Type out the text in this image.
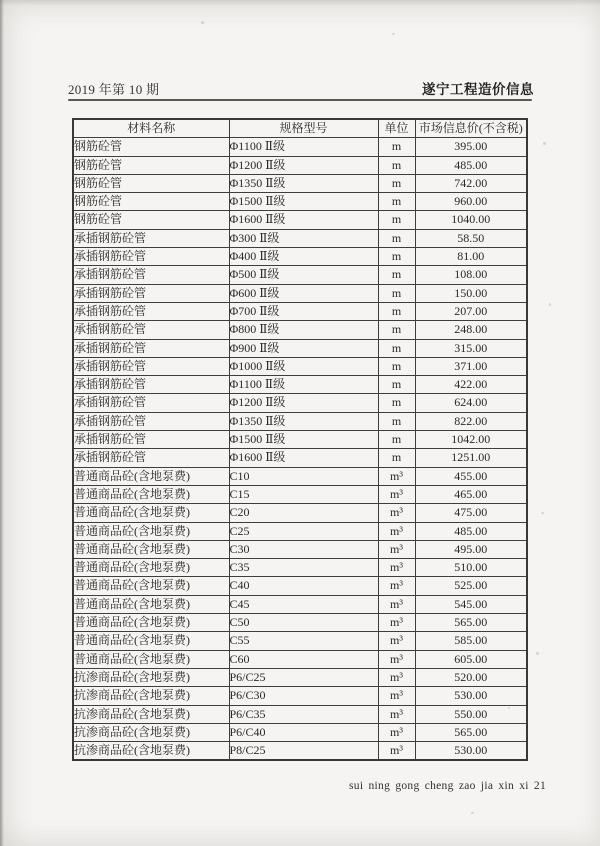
2019 年第 10 期	遂宁工程造价信息
材料名称	规格型号	单位	市场信息价(不含税)
钢筋砼管	Φ1100 Ⅱ级	m	395.00
钢筋砼管	Φ1200 Ⅱ级	m	485.00
钢筋砼管	Φ1350 Ⅱ级	m	742.00
钢筋砼管	Φ1500 Ⅱ级	m	960.00
钢筋砼管	Φ1600 Ⅱ级	m	1040.00
承插钢筋砼管	Φ300 Ⅱ级	m	58.50
承插钢筋砼管	Φ400 Ⅱ级	m	81.00
承插钢筋砼管	Φ500 Ⅱ级	m	108.00
承插钢筋砼管	Φ600 Ⅱ级	m	150.00
承插钢筋砼管	Φ700 Ⅱ级	m	207.00
承插钢筋砼管	Φ800 Ⅱ级	m	248.00
承插钢筋砼管	Φ900 Ⅱ级	m	315.00
承插钢筋砼管	Φ1000 Ⅱ级	m	371.00
承插钢筋砼管	Φ1100 Ⅱ级	m	422.00
承插钢筋砼管	Φ1200 Ⅱ级	m	624.00
承插钢筋砼管	Φ1350 Ⅱ级	m	822.00
承插钢筋砼管	Φ1500 Ⅱ级	m	1042.00
承插钢筋砼管	Φ1600 Ⅱ级	m	1251.00
普通商品砼(含地泵费)	C10	m³	455.00
普通商品砼(含地泵费)	C15	m³	465.00
普通商品砼(含地泵费)	C20	m³	475.00
普通商品砼(含地泵费)	C25	m³	485.00
普通商品砼(含地泵费)	C30	m³	495.00
普通商品砼(含地泵费)	C35	m³	510.00
普通商品砼(含地泵费)	C40	m³	525.00
普通商品砼(含地泵费)	C45	m³	545.00
普通商品砼(含地泵费)	C50	m³	565.00
普通商品砼(含地泵费)	C55	m³	585.00
普通商品砼(含地泵费)	C60	m³	605.00
抗渗商品砼(含地泵费)	P6/C25	m³	520.00
抗渗商品砼(含地泵费)	P6/C30	m³	530.00
抗渗商品砼(含地泵费)	P6/C35	m³	550.00
抗渗商品砼(含地泵费)	P6/C40	m³	565.00
抗渗商品砼(含地泵费)	P8/C25	m³	530.00
sui ning gong cheng zao jia xin xi 21
